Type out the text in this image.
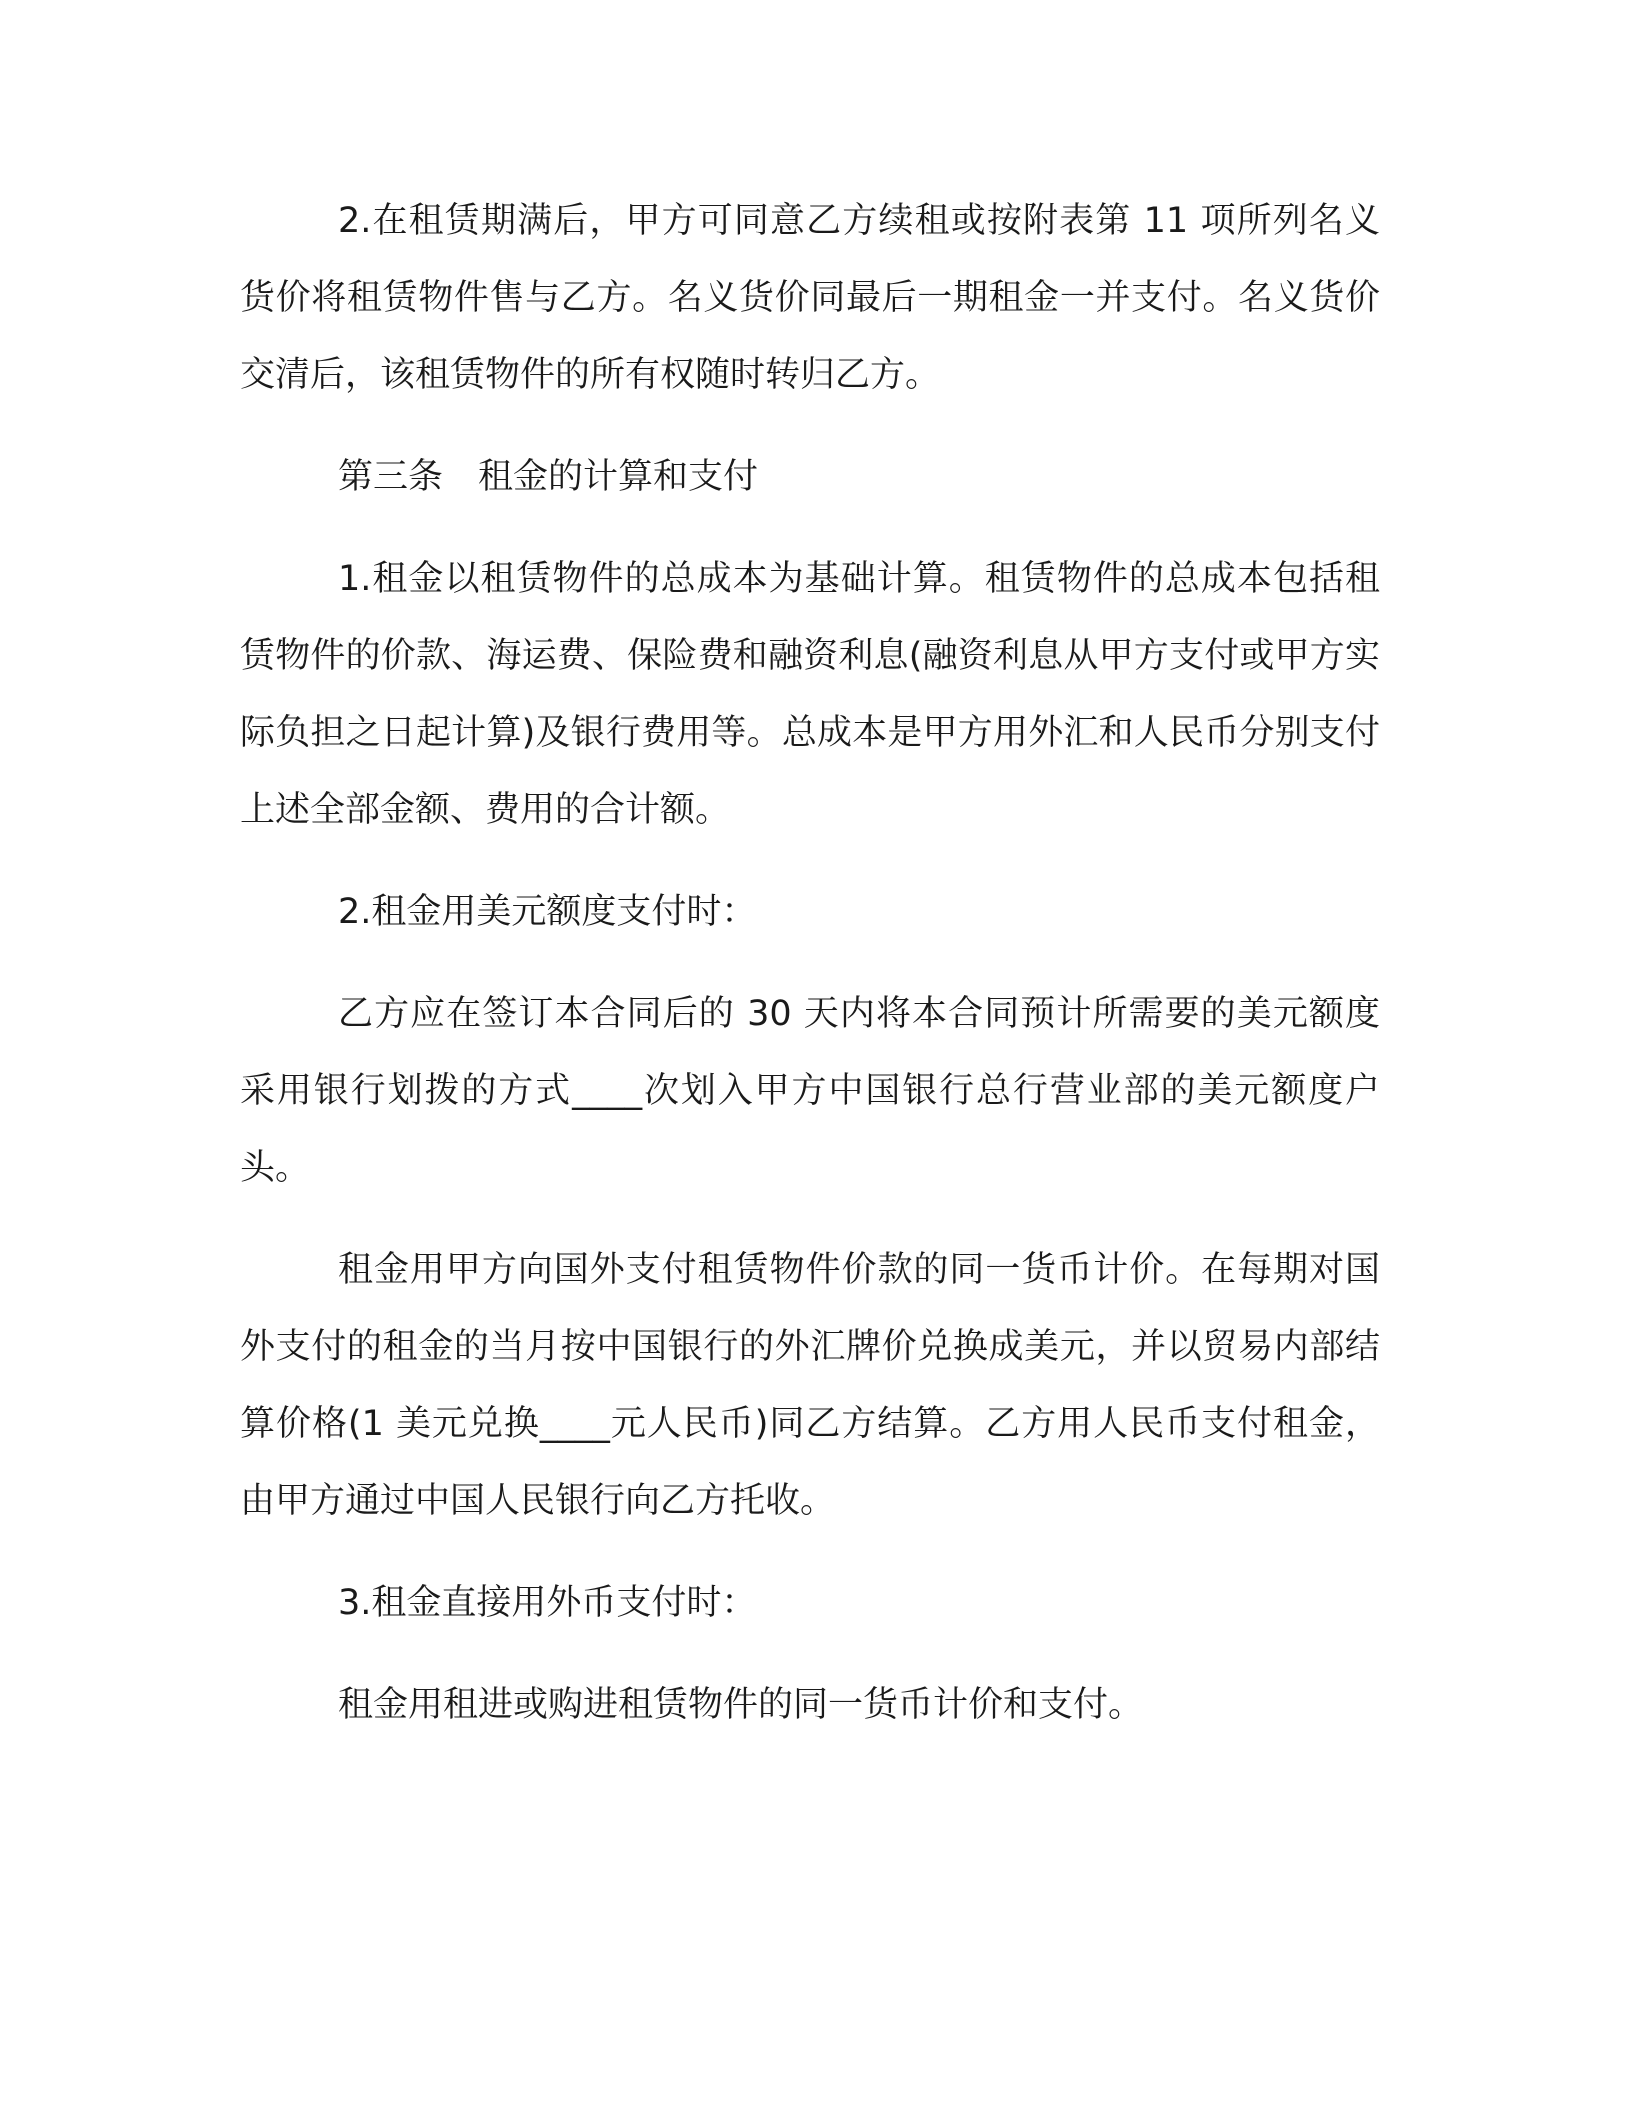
2.在租赁期满后，甲方可同意乙方续租或按附表第 11 项所列名义货价将租赁物件售与乙方。名义货价同最后一期租金一并支付。名义货价交清后，该租赁物件的所有权随时转归乙方。

第三条　租金的计算和支付

1.租金以租赁物件的总成本为基础计算。租赁物件的总成本包括租赁物件的价款、海运费、保险费和融资利息(融资利息从甲方支付或甲方实际负担之日起计算)及银行费用等。总成本是甲方用外汇和人民币分别支付上述全部金额、费用的合计额。

2.租金用美元额度支付时：

乙方应在签订本合同后的 30 天内将本合同预计所需要的美元额度采用银行划拨的方式____次划入甲方中国银行总行营业部的美元额度户头。

租金用甲方向国外支付租赁物件价款的同一货币计价。在每期对国外支付的租金的当月按中国银行的外汇牌价兑换成美元，并以贸易内部结算价格(1 美元兑换____元人民币)同乙方结算。乙方用人民币支付租金，由甲方通过中国人民银行向乙方托收。

3.租金直接用外币支付时：

租金用租进或购进租赁物件的同一货币计价和支付。
